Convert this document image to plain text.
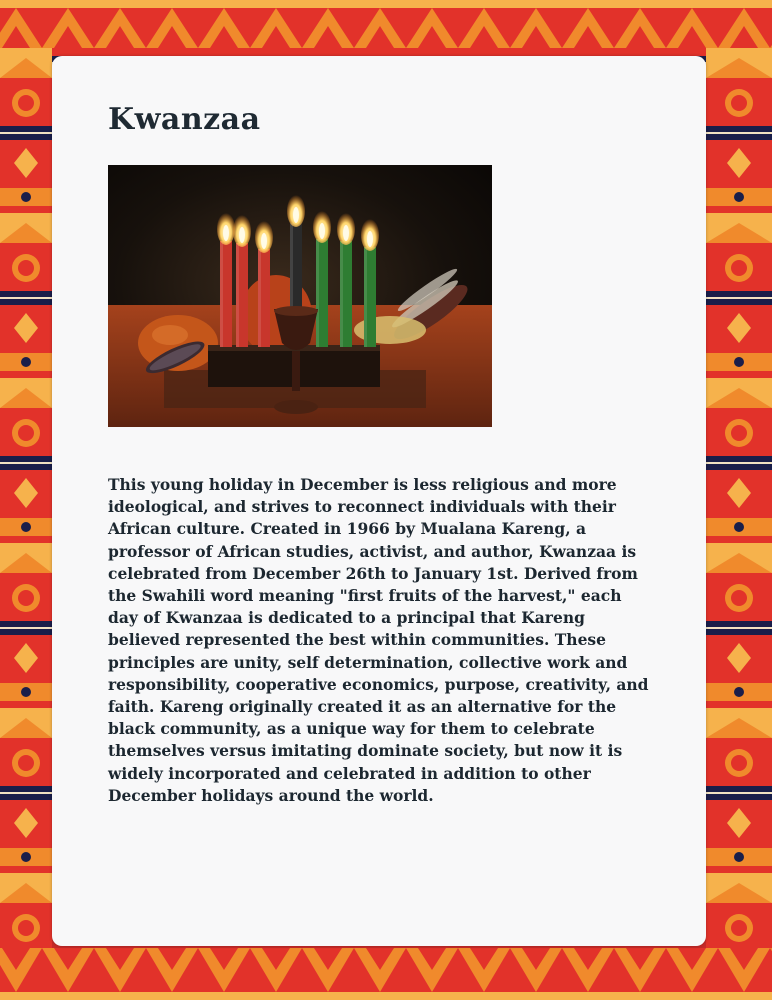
Kwanzaa

This young holiday in December is less religious and more ideological, and strives to reconnect individuals with their African culture. Created in 1966 by Mualana Kareng, a professor of African studies, activist, and author, Kwanzaa is celebrated from December 26th to January 1st. Derived from the Swahili word meaning "first fruits of the harvest," each day of Kwanzaa is dedicated to a principal that Kareng believed represented the best within communities. These principles are unity, self determination, collective work and responsibility, cooperative economics, purpose, creativity, and faith. Kareng originally created it as an alternative for the black community, as a unique way for them to celebrate themselves versus imitating dominate society, but now it is widely incorporated and celebrated in addition to other December holidays around the world.
